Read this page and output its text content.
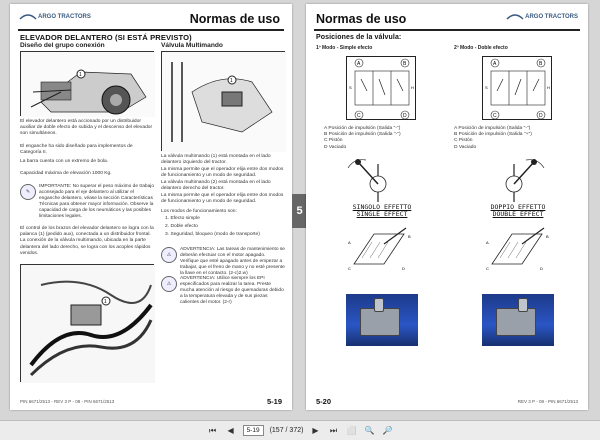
ARGO TRACTORS	Normas de uso
ELEVADOR DELANTERO (SI ESTÁ PREVISTO)
Diseño del grupo conexión	Válvula Multimando
1
El elevador delantero está accionado por un distribuidor auxiliar de doble efecto de subida y el descenso del elevador son simultáneos.
El enganche ha sido diseñado para implementos de Categoría II.
La barra cuenta con un extremo de bola.
Capacidad máxima de elevación 1000 Kg.
✎
IMPORTANTE: No superar el peso máximo de trabajo aconsejado para el eje delantero al utilizar el enganche delantero, véase la sección Características Técnicas para obtener mayor información. Observe la capacidad de carga de los neumáticos y las posibles limitaciones legales.
El control de los brazos del elevador delantero se logra con la palanca (1) (pedido aux), conectada a un distribuidor frontal. La conexión de la válvula multimando, ubicada en la parte delantera del lado derecho, se logra con los acoples rápidos venidos.
1
1
La válvula multimando (1) está montada en el lado delantero izquierdo del tractor.
La misma permite que el operador elija entre dos modos de funcionamiento y un modo de seguridad.
La válvula multimando (2) está montada en el lado delantero derecho del tractor.
La misma permite que el operador elija entre dos modos de funcionamiento y un modo de seguridad.
Los modos de funcionamiento son:
1. Efecto simple
2. Doble efecto
3. Seguridad, bloqueo (modo de transporte)
⚠
ADVERTENCIA: Las tareas de mantenimiento se deberán efectuar con el motor apagado. Verifique que esté apagado antes de empezar a trabajar, que el freno de mano y no esté presente la llave en el contacto. (2-c)2.w)
⚠
ADVERTENCIA: Utilice siempre los EPI especificados para realizar la tarea. Preste mucha atención al riesgo de quemaduras debido a la temperatura elevada y de sus piezas calientes del motor. (2-r)
5
PIN 6671/2513 - REV 3 P - 08 - PIN 6671/2513	5-19
Normas de uso	ARGO TRACTORS
Posiciones de la válvula:
1º Modo - Simple efecto	2º Modo - Doble efecto
A	B
C	D
S	H
A	B
C	D
S	H
A Posición de impulsión (Salida "-")
B Posición de impulsión (Salida "-")
C Pistón
D Vaciado
A Posición de impulsión (Salida "-")
B Posición de impulsión (Salida "+")
C Pistón
D Vaciado
SINGOLO EFFETTO
SINGLE EFFECT
DOPPIO EFFETTO
DOUBLE EFFECT
A
B
C	D
A
B
C	D
5-20	REV 3 P - 08 - PIN 6671/2513
⏮	◀	5-19	(157 / 372)	▶	⏭	⬜ 🔍 🔎
